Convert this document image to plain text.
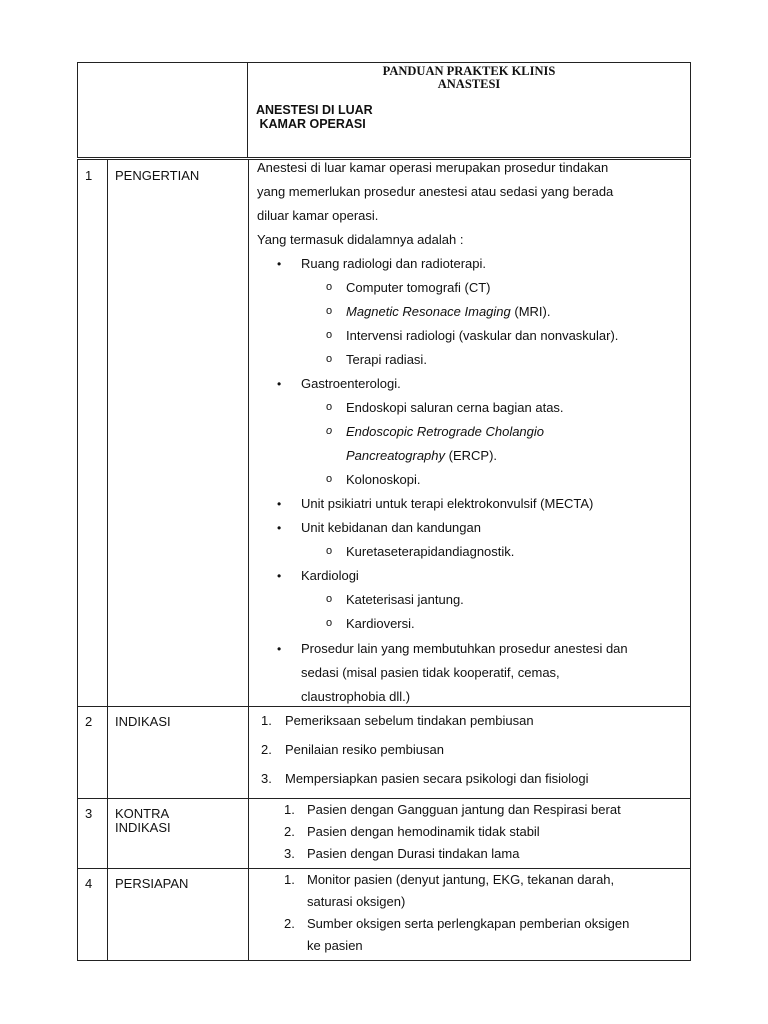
PANDUAN PRAKTEK KLINIS
ANASTESI
ANESTESI DI LUAR
KAMAR OPERASI
1 PENGERTIAN
Anestesi di luar kamar operasi merupakan prosedur tindakan
yang memerlukan prosedur anestesi atau sedasi yang berada
diluar kamar operasi.
Yang termasuk didalamnya adalah :
• Ruang radiologi dan radioterapi.
o Computer tomografi (CT)
o Magnetic Resonace Imaging (MRI).
o Intervensi radiologi (vaskular dan nonvaskular).
o Terapi radiasi.
• Gastroenterologi.
o Endoskopi saluran cerna bagian atas.
o Endoscopic Retrograde Cholangio
Pancreatography (ERCP).
o Kolonoskopi.
• Unit psikiatri untuk terapi elektrokonvulsif (MECTA)
• Unit kebidanan dan kandungan
o Kuretaseterapidandiagnostik.
• Kardiologi
o Kateterisasi jantung.
o Kardioversi.
• Prosedur lain yang membutuhkan prosedur anestesi dan
sedasi (misal pasien tidak kooperatif, cemas,
claustrophobia dll.)
2 INDIKASI	1. Pemeriksaan sebelum tindakan pembiusan
2. Penilaian resiko pembiusan
3. Mempersiapkan pasien secara psikologi dan fisiologi
3 KONTRA
INDIKASI
1. Pasien dengan Gangguan jantung dan Respirasi berat
2. Pasien dengan hemodinamik tidak stabil
3. Pasien dengan Durasi tindakan lama
4 PERSIAPAN	1. Monitor pasien (denyut jantung, EKG, tekanan darah,
saturasi oksigen)
2. Sumber oksigen serta perlengkapan pemberian oksigen
ke pasien
